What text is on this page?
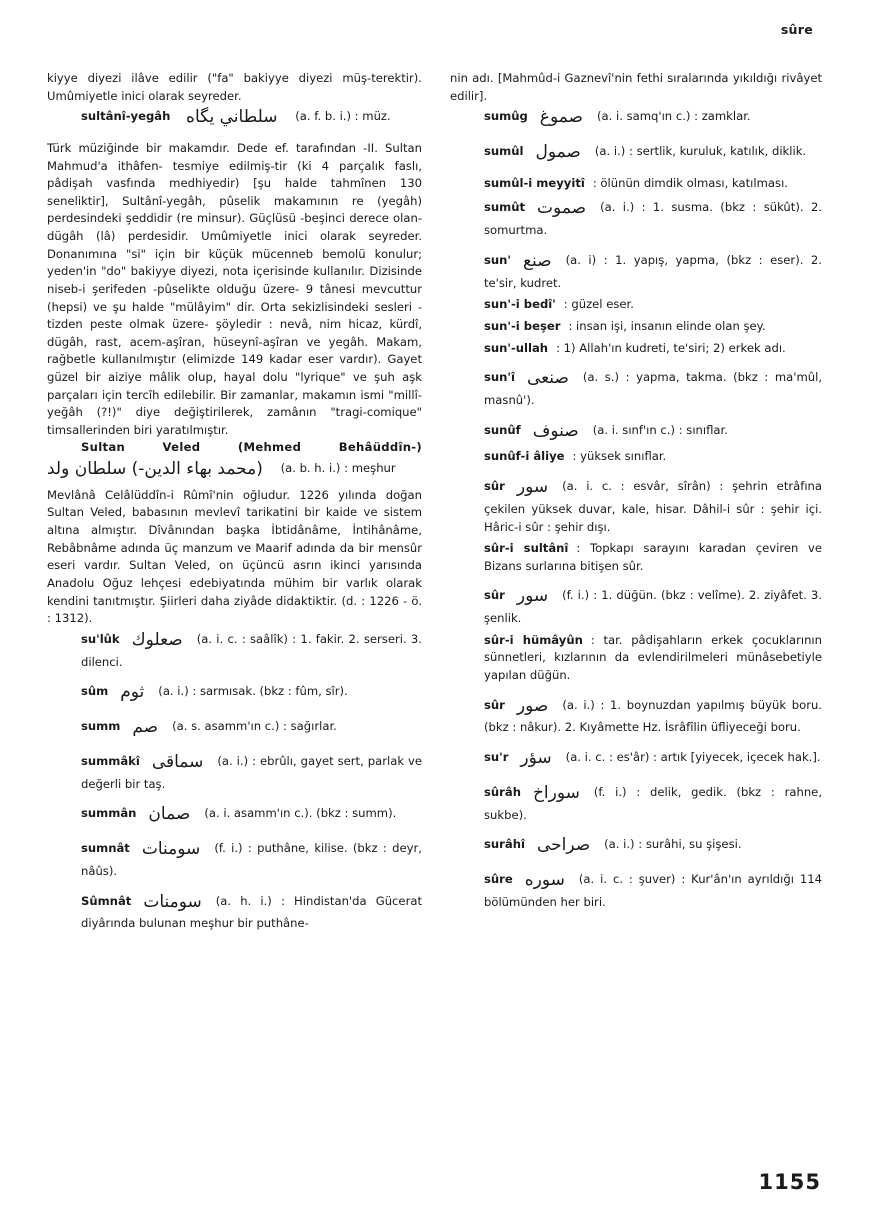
sûre

kiyye diyezi ilâve edilir ("fa" bakiyye diyezi müş-terektir). Umûmiyetle inici olarak seyreder.

sultânî-yegâh سلطاني يگاه (a. f. b. i.) : müz.

Türk müziğinde bir makamdır. Dede ef. tarafından -II. Sultan Mahmud'a ithâfen- tesmiye edilmiş-tir (ki 4 parçalık faslı, pâdişah vasfında medhiyedir) [şu halde tahmînen 130 seneliktir], Sultânî-yegâh, pûselik makamının re (yegâh) perdesindeki şeddidir (re minsur). Güçlüsü -beşinci derece olan- dügâh (lâ) perdesidir. Umûmiyetle inici olarak seyreder. Donanımına "si" için bir küçük mücenneb bemolü konulur; yeden'in "do" bakiyye diyezi, nota içerisinde kullanılır. Dizisinde niseb-i şerifeden -pûselikte olduğu üzere- 9 tânesi mevcuttur (hepsi) ve şu halde "mülâyim" dir. Orta sekizlisindeki sesleri -tizden peste olmak üzere- şöyledir : nevâ, nim hicaz, kürdî, dügâh, rast, acem-aşîran, hüseynî-aşîran ve yegâh. Makam, rağbetle kullanılmıştır (elimizde 149 kadar eser vardır). Gayet güzel bir aiziye mâlik olup, hayal dolu "lyrique" ve şuh aşk parçaları için tercîh edilebilir. Bir zamanlar, makamın ismi "millî-yeğâh (?!)" diye değiştirilerek, zamânın "tragi-comique" timsallerinden biri yaratılmıştır.

Sultan Veled (Mehmed Behâüddîn-)

(محمد بهاء الدين-) سلطان ولد (a. b. h. i.) : meşhur

Mevlânâ Celâlüddîn-i Rûmî'nin oğludur. 1226 yılında doğan Sultan Veled, babasının mevlevî tarikatini bir kaide ve sistem altına almıştır. Dîvânından başka İbtidânâme, İntihânâme, Rebâbnâme adında üç manzum ve Maarif adında da bir mensûr eseri vardır. Sultan Veled, on üçüncü asrın ikinci yarısında Anadolu Oğuz lehçesi edebiyatında mühim bir varlık olarak kendini tanıtmıştır. Şiirleri daha ziyâde didaktiktir. (d. : 1226 - ö. : 1312).

su'lûk صعلوك (a. i. c. : saâlîk) : 1. fakir. 2. serseri. 3. dilenci.
sûm ثوم (a. i.) : sarmısak. (bkz : fûm, sîr).
summ صم (a. s. asamm'ın c.) : sağırlar.
summâkî سماقى (a. i.) : ebrûlı, gayet sert, parlak ve değerli bir taş.
summân صمان (a. i. asamm'ın c.). (bkz : summ).
sumnât سومنات (f. i.) : puthâne, kilise. (bkz : deyr, nâûs).
Sûmnât سومنات (a. h. i.) : Hindistan'da Gücerat diyârında bulunan meşhur bir puthâne-

nin adı. [Mahmûd-i Gaznevî'nin fethi sıralarında yıkıldığı rivâyet edilir].

sumûg صموغ (a. i. samq'ın c.) : zamklar.
sumûl صمول (a. i.) : sertlik, kuruluk, katılık, diklik.
sumûl-i meyyitî : ölünün dimdik olması, katılması.
sumût صموت (a. i.) : 1. susma. (bkz : sükût). 2. somurtma.
sun' صنع (a. i) : 1. yapış, yapma, (bkz : eser). 2. te'sir, kudret.
sun'-i bedî' : güzel eser.
sun'-i beşer : insan işi, insanın elinde olan şey.
sun'-ullah : 1) Allah'ın kudreti, te'siri; 2) erkek adı.
sun'î صنعى (a. s.) : yapma, takma. (bkz : ma'mûl, masnû').
sunûf صنوف (a. i. sınf'ın c.) : sınıflar.
sunûf-i âliye : yüksek sınıflar.
sûr سور (a. i. c. : esvâr, sîrân) : şehrin etrâfına çekilen yüksek duvar, kale, hisar. Dâhil-i sûr : şehir içi. Hâric-i sûr : şehir dışı.
sûr-i sultânî : Topkapı sarayını karadan çeviren ve Bizans surlarına bitişen sûr.
sûr سور (f. i.) : 1. düğün. (bkz : velîme). 2. ziyâfet. 3. şenlik.
sûr-i hümâyûn : tar. pâdişahların erkek çocuklarının sünnetleri, kızlarının da evlendirilmeleri münâsebetiyle yapılan düğün.
sûr صور (a. i.) : 1. boynuzdan yapılmış büyük boru. (bkz : nâkur). 2. Kıyâmette Hz. İsrâfîlin üfliyeceği boru.
su'r سؤر (a. i. c. : es'âr) : artık [yiyecek, içecek hak.].
sûrâh سوراخ (f. i.) : delik, gedik. (bkz : rahne, sukbe).
surâhî صراحى (a. i.) : surâhi, su şişesi.
sûre سوره (a. i. c. : şuver) : Kur'ân'ın ayrıldığı 114 bölümünden her biri.
1155
